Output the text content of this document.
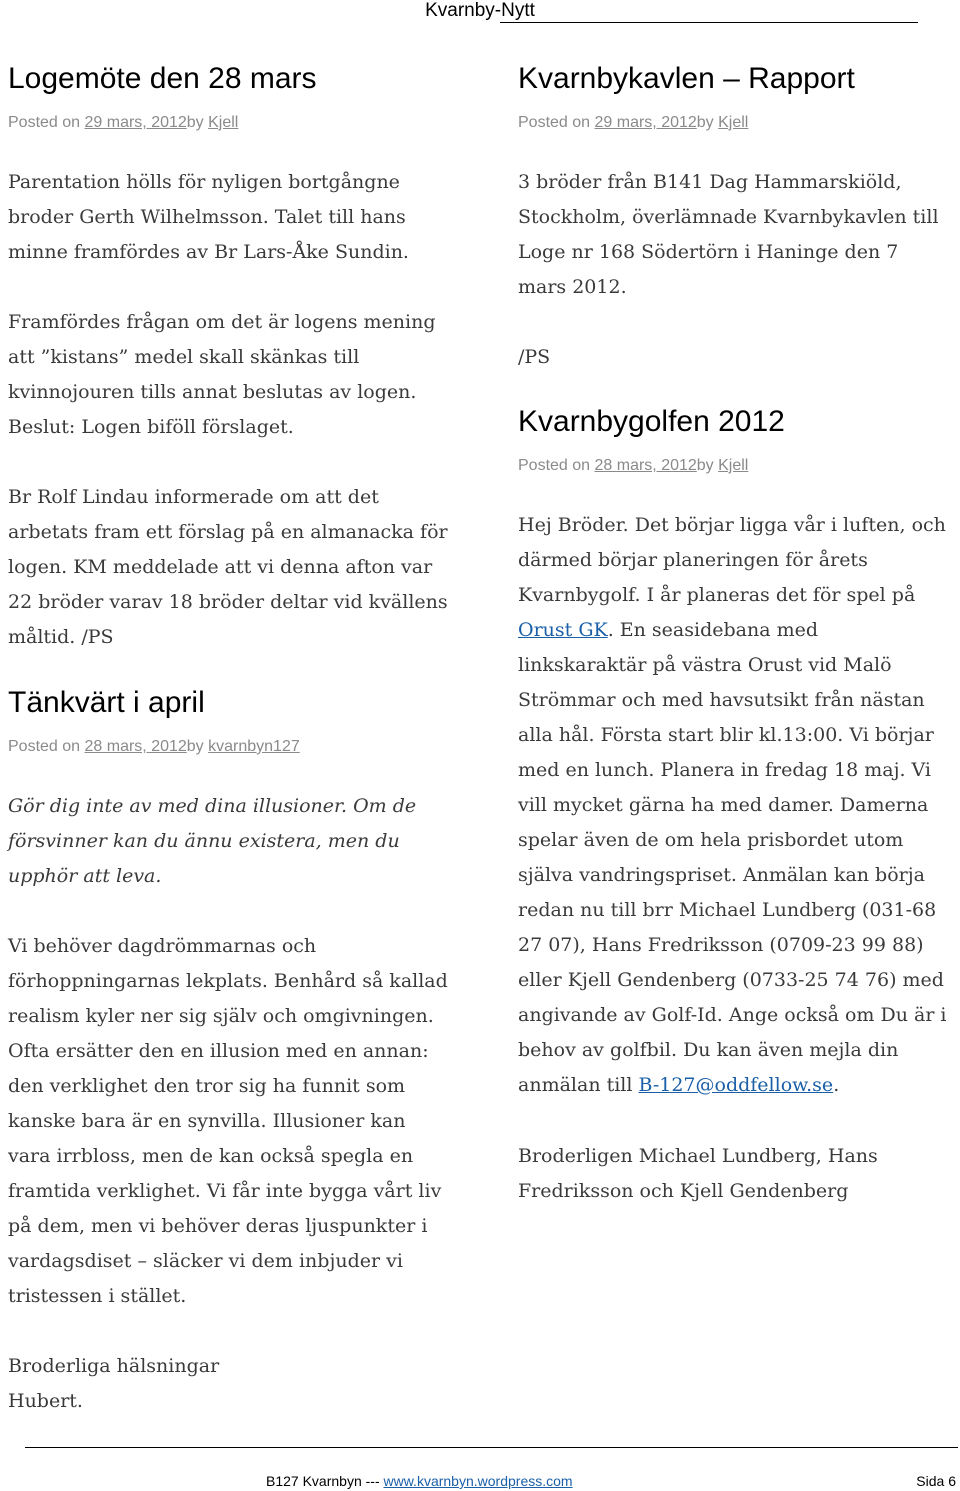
Kvarnby-Nytt
Logemöte den 28 mars

Posted on 29 mars, 2012by Kjell

Parentation hölls för nyligen bortgångne broder Gerth Wilhelmsson. Talet till hans minne framfördes av Br Lars-Åke Sundin.

Framfördes frågan om det är logens mening att ”kistans” medel skall skänkas till kvinnojouren tills annat beslutas av logen. Beslut: Logen biföll förslaget.

Br Rolf Lindau informerade om att det arbetats fram ett förslag på en almanacka för logen. KM meddelade att vi denna afton var 22 bröder varav 18 bröder deltar vid kvällens måltid. /PS

Tänkvärt i april

Posted on 28 mars, 2012by kvarnbyn127

Gör dig inte av med dina illusioner. Om de försvinner kan du ännu existera, men du upphör att leva.

Vi behöver dagdrömmarnas och förhoppningarnas lekplats. Benhård så kallad realism kyler ner sig själv och omgivningen. Ofta ersätter den en illusion med en annan: den verklighet den tror sig ha funnit som kanske bara är en synvilla. Illusioner kan vara irrbloss, men de kan också spegla en framtida verklighet. Vi får inte bygga vårt liv på dem, men vi behöver deras ljuspunkter i vardagsdiset – släcker vi dem inbjuder vi tristessen i stället.

Broderliga hälsningar

Hubert.

Kvarnbykavlen – Rapport

Posted on 29 mars, 2012by Kjell

3 bröder från B141 Dag Hammarskiöld, Stockholm, överlämnade Kvarnbykavlen till Loge nr 168 Södertörn i Haninge den 7 mars 2012.

/PS

Kvarnbygolfen 2012

Posted on 28 mars, 2012by Kjell

Hej Bröder. Det börjar ligga vår i luften, och därmed börjar planeringen för årets Kvarnbygolf. I år planeras det för spel på Orust GK. En seasidebana med linkskaraktär på västra Orust vid Malö Strömmar och med havsutsikt från nästan alla hål. Första start blir kl.13:00. Vi börjar med en lunch. Planera in fredag 18 maj. Vi vill mycket gärna ha med damer. Damerna spelar även de om hela prisbordet utom själva vandringspriset. Anmälan kan börja redan nu till brr Michael Lundberg (031-68 27 07), Hans Fredriksson (0709-23 99 88) eller Kjell Gendenberg (0733-25 74 76) med angivande av Golf-Id. Ange också om Du är i behov av golfbil. Du kan även mejla din anmälan till B-127@oddfellow.se.

Broderligen Michael Lundberg, Hans Fredriksson och Kjell Gendenberg

B127 Kvarnbyn --- www.kvarnbyn.wordpress.com	Sida 6
